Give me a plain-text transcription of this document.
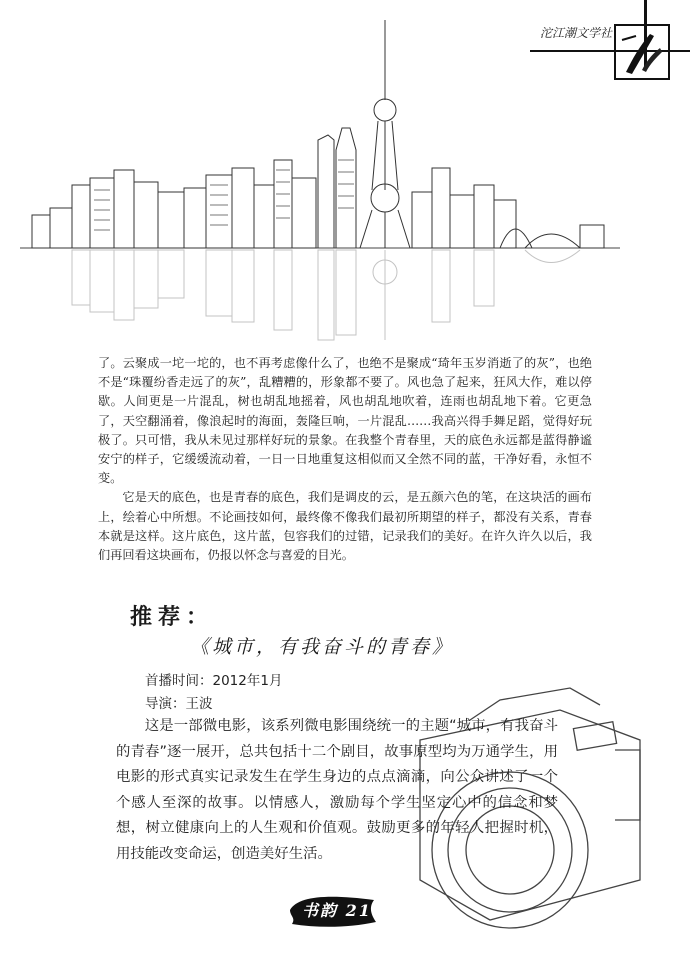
沱江潮文学社

了。云聚成一坨一坨的，也不再考虑像什么了，也绝不是聚成“琦年玉岁消逝了的灰”，也绝不是“珠覆纷香走远了的灰”，乱糟糟的，形象都不要了。风也急了起来，狂风大作，难以停歇。人间更是一片混乱，树也胡乱地摇着，风也胡乱地吹着，连雨也胡乱地下着。它更急了，天空翻涌着，像浪起时的海面，轰隆巨响，一片混乱……我高兴得手舞足蹈，觉得好玩极了。只可惜，我从未见过那样好玩的景象。在我整个青春里，天的底色永远都是蓝得静谧安宁的样子，它缓缓流动着，一日一日地重复这相似而又全然不同的蓝，干净好看，永恒不变。

它是天的底色，也是青春的底色，我们是调皮的云，是五颜六色的笔，在这块活的画布上，绘着心中所想。不论画技如何，最终像不像我们最初所期望的样子，都没有关系，青春本就是这样。这片底色，这片蓝，包容我们的过错，记录我们的美好。在许久许久以后，我们再回看这块画布，仍报以怀念与喜爱的目光。

推荐：
《城市，有我奋斗的青春》
首播时间：2012年1月
导演：王波

这是一部微电影，该系列微电影围绕统一的主题“城市，有我奋斗的青春”逐一展开，总共包括十二个剧目，故事原型均为万通学生，用电影的形式真实记录发生在学生身边的点点滴滴，向公众讲述了一个个感人至深的故事。以情感人，激励每个学生坚定心中的信念和梦想，树立健康向上的人生观和价值观。鼓励更多的年轻人把握时机，用技能改变命运，创造美好生活。

书韵 21
